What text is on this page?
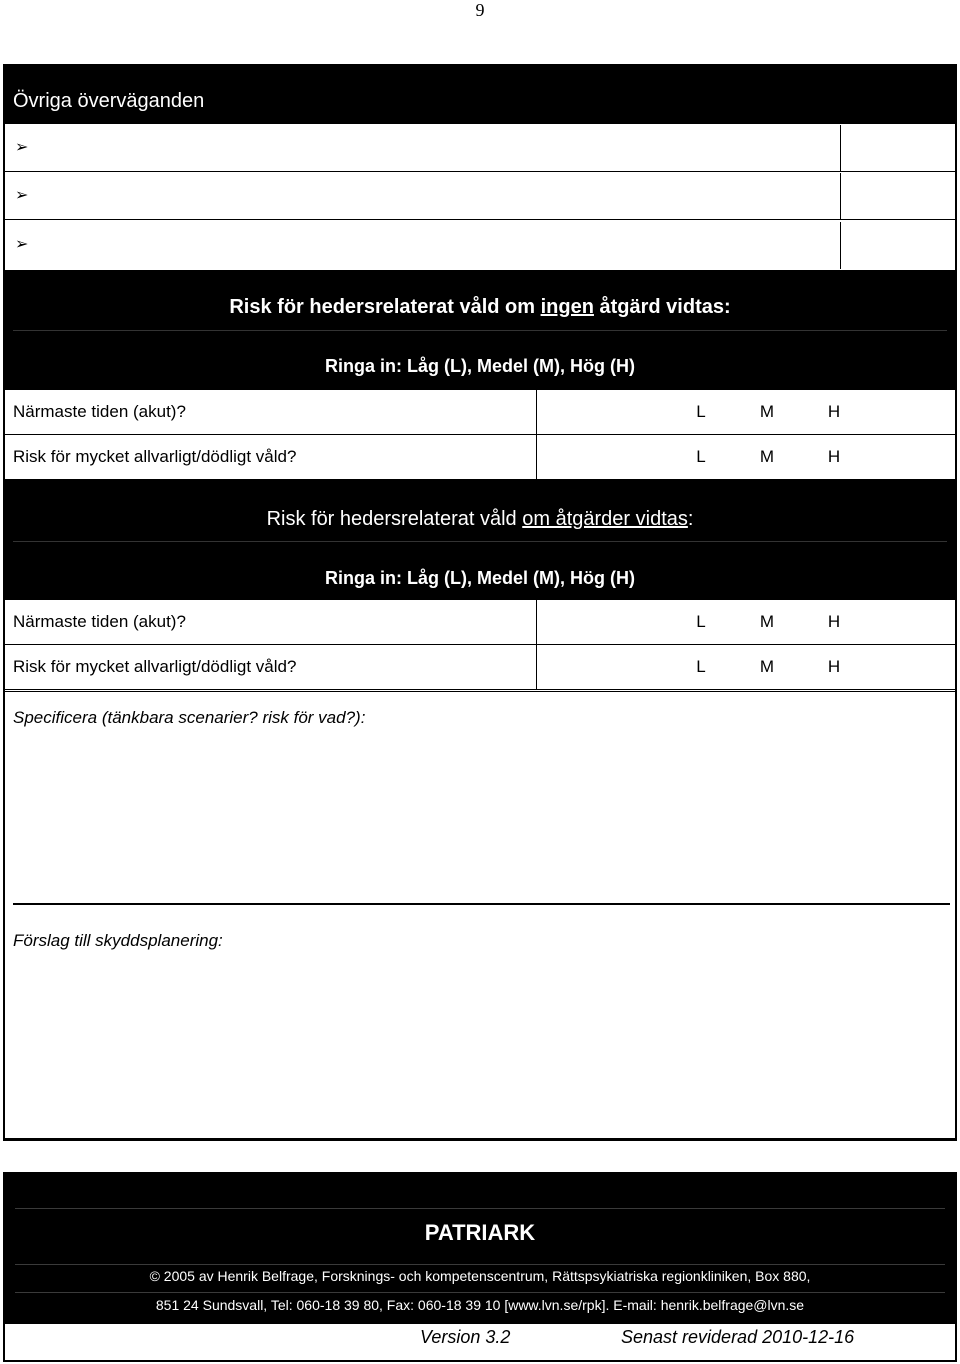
9
Övriga överväganden
➢
➢
➢
Risk för hedersrelaterat våld om ingen åtgärd vidtas:
Ringa in: Låg (L), Medel (M), Hög (H)
Närmaste tiden (akut)?	L	M	H
Risk för mycket allvarligt/dödligt våld?	L	M	H
Risk för hedersrelaterat våld om åtgärder vidtas:
Ringa in: Låg (L), Medel (M), Hög (H)
Närmaste tiden (akut)?	L	M	H
Risk för mycket allvarligt/dödligt våld?	L	M	H
Specificera (tänkbara scenarier? risk för vad?):
Förslag till skyddsplanering:
PATRIARK
© 2005 av Henrik Belfrage, Forsknings- och kompetenscentrum, Rättspsykiatriska regionkliniken, Box 880,
851 24 Sundsvall, Tel: 060-18 39 80, Fax: 060-18 39 10 [www.lvn.se/rpk]. E-mail: henrik.belfrage@lvn.se
Version 3.2	Senast reviderad 2010-12-16
